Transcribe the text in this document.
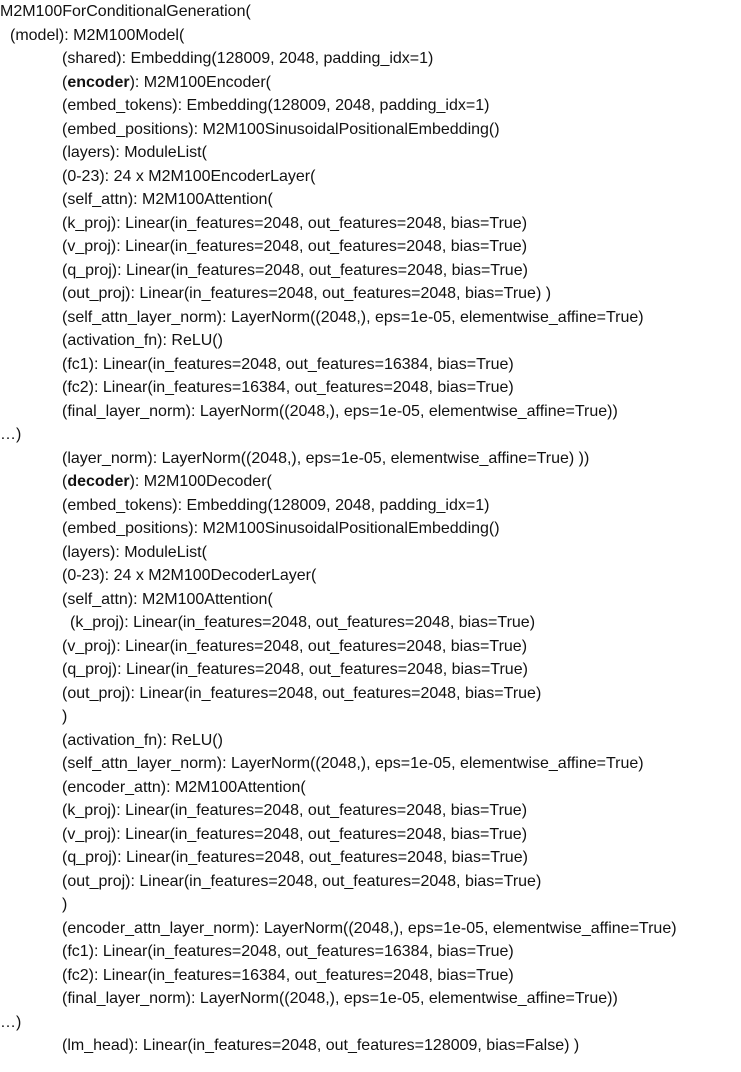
M2M100ForConditionalGeneration(
(model): M2M100Model(
(shared): Embedding(128009, 2048, padding_idx=1)
(encoder): M2M100Encoder(
(embed_tokens): Embedding(128009, 2048, padding_idx=1)
(embed_positions): M2M100SinusoidalPositionalEmbedding()
(layers): ModuleList(
(0-23): 24 x M2M100EncoderLayer(
(self_attn): M2M100Attention(
(k_proj): Linear(in_features=2048, out_features=2048, bias=True)
(v_proj): Linear(in_features=2048, out_features=2048, bias=True)
(q_proj): Linear(in_features=2048, out_features=2048, bias=True)
(out_proj): Linear(in_features=2048, out_features=2048, bias=True) )
(self_attn_layer_norm): LayerNorm((2048,), eps=1e-05, elementwise_affine=True)
(activation_fn): ReLU()
(fc1): Linear(in_features=2048, out_features=16384, bias=True)
(fc2): Linear(in_features=16384, out_features=2048, bias=True)
(final_layer_norm): LayerNorm((2048,), eps=1e-05, elementwise_affine=True))
…)
(layer_norm): LayerNorm((2048,), eps=1e-05, elementwise_affine=True) ))
(decoder): M2M100Decoder(
(embed_tokens): Embedding(128009, 2048, padding_idx=1)
(embed_positions): M2M100SinusoidalPositionalEmbedding()
(layers): ModuleList(
(0-23): 24 x M2M100DecoderLayer(
(self_attn): M2M100Attention(
(k_proj): Linear(in_features=2048, out_features=2048, bias=True)
(v_proj): Linear(in_features=2048, out_features=2048, bias=True)
(q_proj): Linear(in_features=2048, out_features=2048, bias=True)
(out_proj): Linear(in_features=2048, out_features=2048, bias=True)
)
(activation_fn): ReLU()
(self_attn_layer_norm): LayerNorm((2048,), eps=1e-05, elementwise_affine=True)
(encoder_attn): M2M100Attention(
(k_proj): Linear(in_features=2048, out_features=2048, bias=True)
(v_proj): Linear(in_features=2048, out_features=2048, bias=True)
(q_proj): Linear(in_features=2048, out_features=2048, bias=True)
(out_proj): Linear(in_features=2048, out_features=2048, bias=True)
)
(encoder_attn_layer_norm): LayerNorm((2048,), eps=1e-05, elementwise_affine=True)
(fc1): Linear(in_features=2048, out_features=16384, bias=True)
(fc2): Linear(in_features=16384, out_features=2048, bias=True)
(final_layer_norm): LayerNorm((2048,), eps=1e-05, elementwise_affine=True))
…)
(lm_head): Linear(in_features=2048, out_features=128009, bias=False) )
